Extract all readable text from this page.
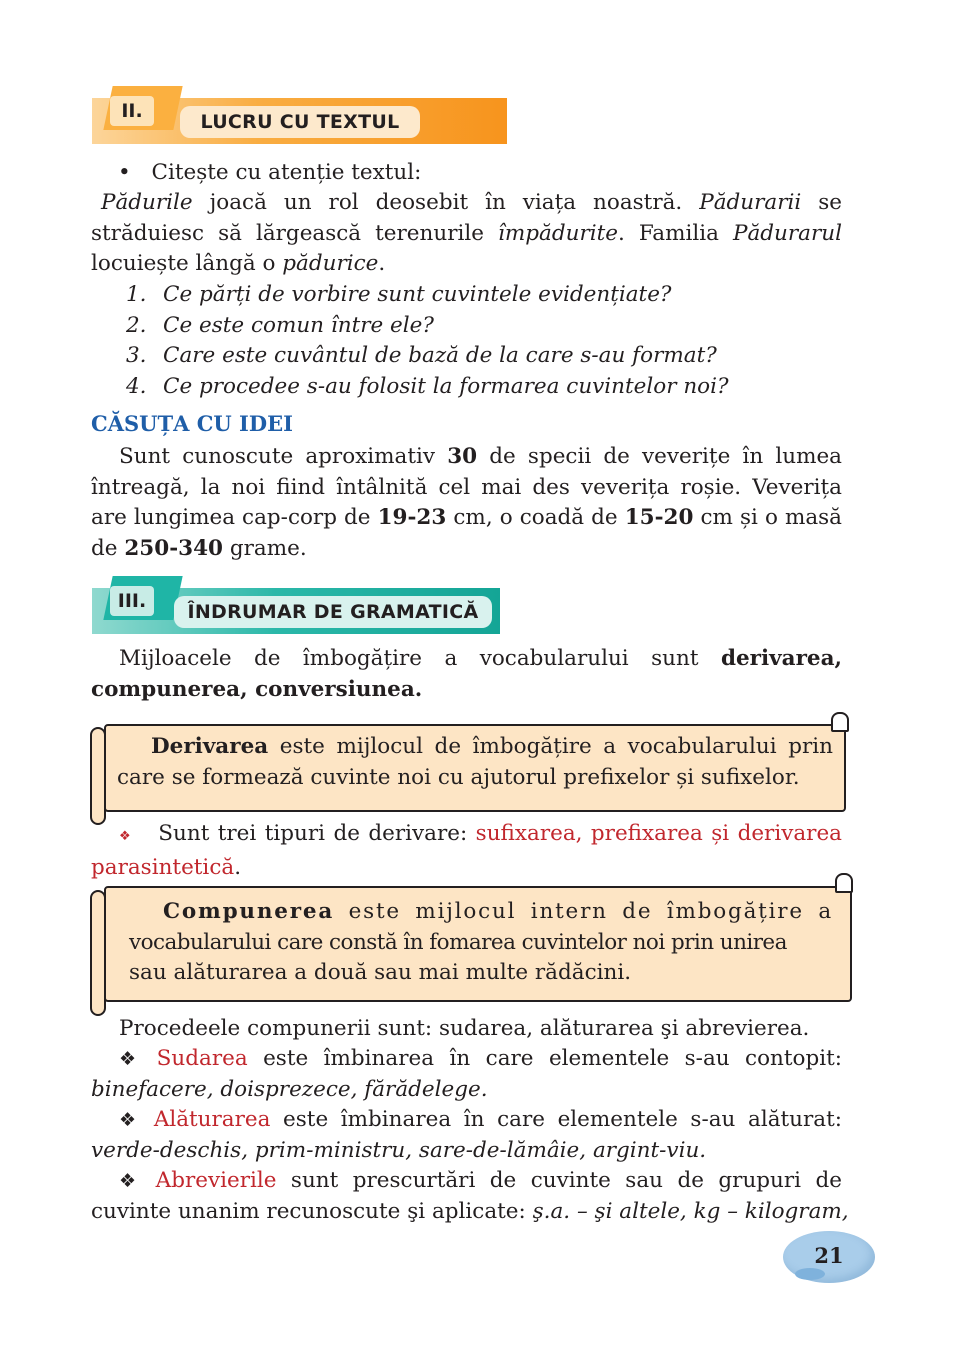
II.	LUCRU CU TEXTUL
• Citește cu atenție textul:
Pădurile joacă un rol deosebit în viața noastră. Pădurarii se străduiesc să lărgească terenurile împădurite. Familia Pădurarul locuiește lângă o pădurice.
1. Ce părți de vorbire sunt cuvintele evidențiate?
2. Ce este comun între ele?
3. Care este cuvântul de bază de la care s-au format?
4. Ce procedee s-au folosit la formarea cuvintelor noi?
CĂSUȚA CU IDEI
Sunt cunoscute aproximativ 30 de specii de veverițe în lumea întreagă, la noi fiind întâlnită cel mai des veverița roșie. Veverița are lungimea cap-corp de 19-23 cm, o coadă de 15-20 cm și o masă de 250-340 grame.
III.	ÎNDRUMAR DE GRAMATICĂ
Mijloacele de îmbogățire a vocabularului sunt derivarea, compunerea, conversiunea.
Derivarea este mijlocul de îmbogățire a vocabularului prin care se formează cuvinte noi cu ajutorul prefixelor și sufixelor.
❖ Sunt trei tipuri de derivare: sufixarea, prefixarea și derivarea parasintetică.
Compunerea este mijlocul intern de îmbogățire a
vocabularului care constă în fomarea cuvintelor noi prin unirea
sau alăturarea a două sau mai multe rădăcini.
Procedeele compunerii sunt: sudarea, alăturarea şi abrevierea.
❖ Sudarea este îmbinarea în care elementele s-au contopit:
binefacere, doisprezece, fărădelege.
❖ Alăturarea este îmbinarea în care elementele s-au alăturat:
verde-deschis, prim-ministru, sare-de-lămâie, argint-viu.
❖ Abrevierile sunt prescurtări de cuvinte sau de grupuri de
cuvinte unanim recunoscute şi aplicate: ş.a. – şi altele, kg – kilogram,
21
